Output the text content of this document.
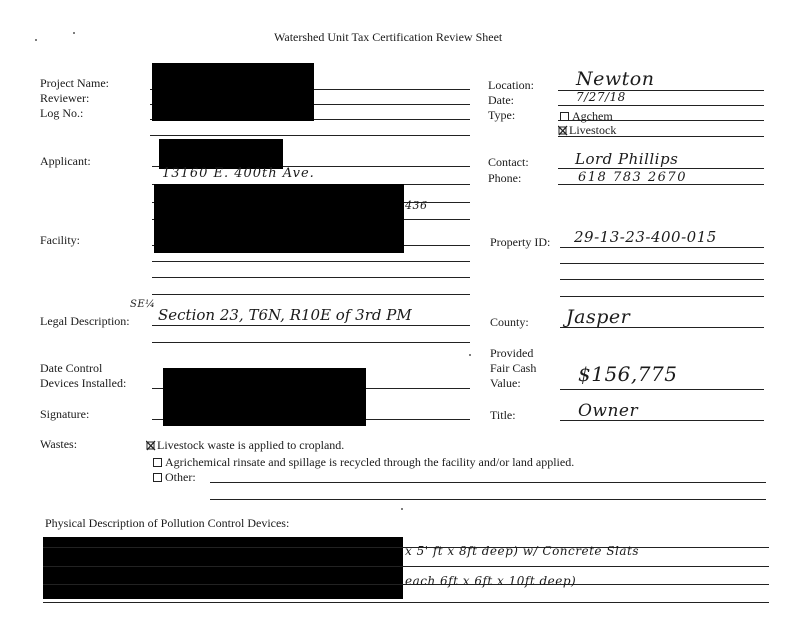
Watershed Unit Tax Certification Review Sheet
Project Name:
Reviewer:
Log No.:
Applicant:
Facility:
Legal Description:
Date Control
Devices Installed:
Signature:
Wastes:
Location:
Date:
Type:	Agchem
Livestock
Contact:
Phone:
Property ID:
County:
Provided
Fair Cash
Value:
Title:
Newton
7/27/18
Lord Phillips
618 783 2670
13160 E. 400th Ave.
436
29-13-23-400-015
SE¼
Section 23, T6N, R10E of 3rd PM	Jasper
$156,775
Owner
Livestock waste is applied to cropland.
Agrichemical rinsate and spillage is recycled through the facility and/or land applied.
Other:
Physical Description of Pollution Control Devices:
x 5' ft x 8ft deep) w/ Concrete Slats
each 6ft x 6ft x 10ft deep)
